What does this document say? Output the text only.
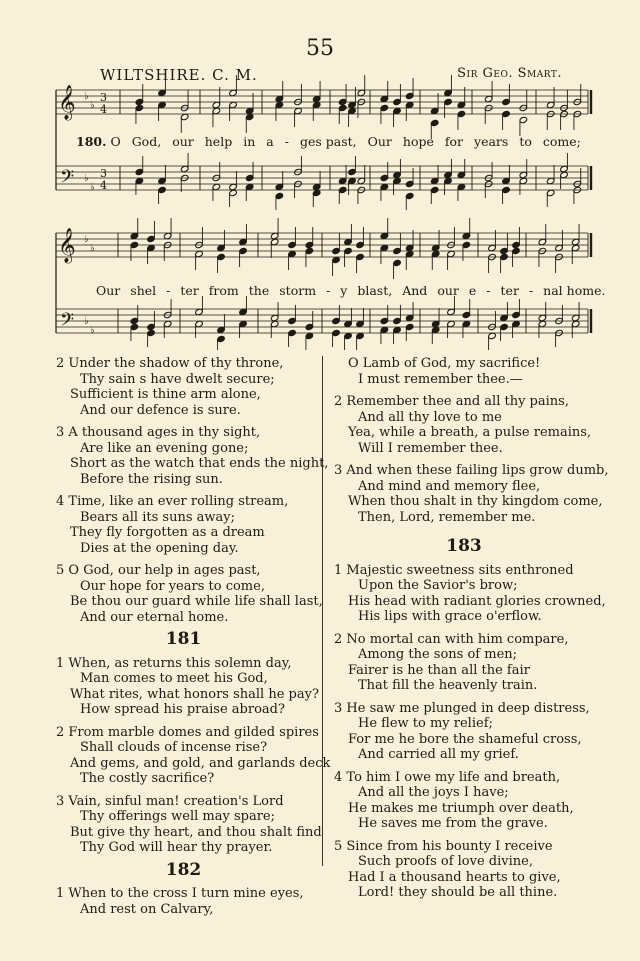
55
WILTSHIRE. C. M.	Sir Geo. Smart.
𝄞
𝄢
♭
♭
♭
♭
3
4
3
4
𝄞
𝄢
♭
♭
♭
♭
180. O God, our help in a - ges past, Our hope for years to come;
Our shel - ter from the storm - y blast, And our e - ter - nal home.
2 Under the shadow of thy throne,
Thy sain s have dwelt secure;
Sufficient is thine arm alone,
And our defence is sure.
3 A thousand ages in thy sight,
Are like an evening gone;
Short as the watch that ends the night,
Before the rising sun.
4 Time, like an ever rolling stream,
Bears all its suns away;
They fly forgotten as a dream
Dies at the opening day.
5 O God, our help in ages past,
Our hope for years to come,
Be thou our guard while life shall last,
And our eternal home.
181
1 When, as returns this solemn day,
Man comes to meet his God,
What rites, what honors shall he pay?
How spread his praise abroad?
2 From marble domes and gilded spires
Shall clouds of incense rise?
And gems, and gold, and garlands deck
The costly sacrifice?
3 Vain, sinful man! creation's Lord
Thy offerings well may spare;
But give thy heart, and thou shalt find
Thy God will hear thy prayer.
182
1 When to the cross I turn mine eyes,
And rest on Calvary,
O Lamb of God, my sacrifice!
I must remember thee.—
2 Remember thee and all thy pains,
And all thy love to me
Yea, while a breath, a pulse remains,
Will I remember thee.
3 And when these failing lips grow dumb,
And mind and memory flee,
When thou shalt in thy kingdom come,
Then, Lord, remember me.
183
1 Majestic sweetness sits enthroned
Upon the Savior's brow;
His head with radiant glories crowned,
His lips with grace o'erflow.
2 No mortal can with him compare,
Among the sons of men;
Fairer is he than all the fair
That fill the heavenly train.
3 He saw me plunged in deep distress,
He flew to my relief;
For me he bore the shameful cross,
And carried all my grief.
4 To him I owe my life and breath,
And all the joys I have;
He makes me triumph over death,
He saves me from the grave.
5 Since from his bounty I receive
Such proofs of love divine,
Had I a thousand hearts to give,
Lord! they should be all thine.
